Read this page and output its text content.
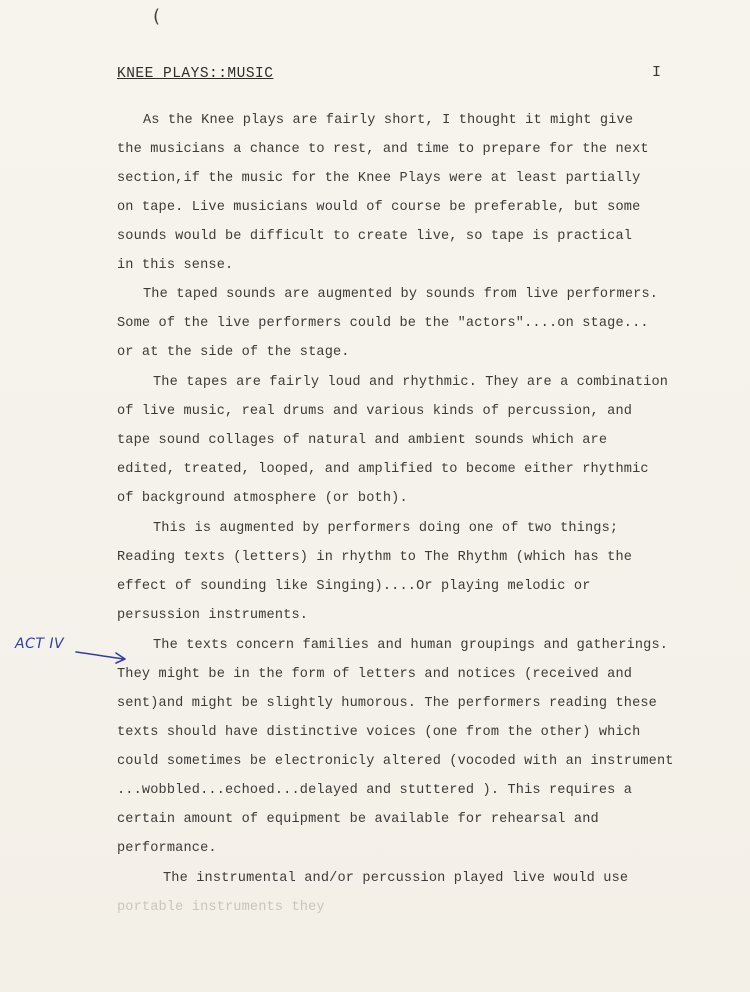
(
KNEE PLAYS::MUSIC	I
ACT IV
As the Knee plays are fairly short, I thought it might give
the musicians a chance to rest, and time to prepare for the next
section,if the music for the Knee Plays were at least partially
on tape. Live musicians would of course be preferable, but some
sounds would be difficult to create live, so tape is practical
in this sense.
The taped sounds are augmented by sounds from live performers.
Some of the live performers could be the "actors"....on stage...
or at the side of the stage.
The tapes are fairly loud and rhythmic. They are a combination
of live music, real drums and various kinds of percussion, and
tape sound collages of natural and ambient sounds which are
edited, treated, looped, and amplified to become either rhythmic
of background atmosphere (or both).
This is augmented by performers doing one of two things;
Reading texts (letters) in rhythm to The Rhythm (which has the
effect of sounding like Singing)....Or playing melodic or
persussion instruments.
The texts concern families and human groupings and gatherings.
They might be in the form of letters and notices (received and
sent)and might be slightly humorous. The performers reading these
texts should have distinctive voices (one from the other) which
could sometimes be electronicly altered (vocoded with an instrument
...wobbled...echoed...delayed and stuttered ). This requires a
certain amount of equipment be available for rehearsal and
performance.
The instrumental and/or percussion played live would use
portable instruments they
